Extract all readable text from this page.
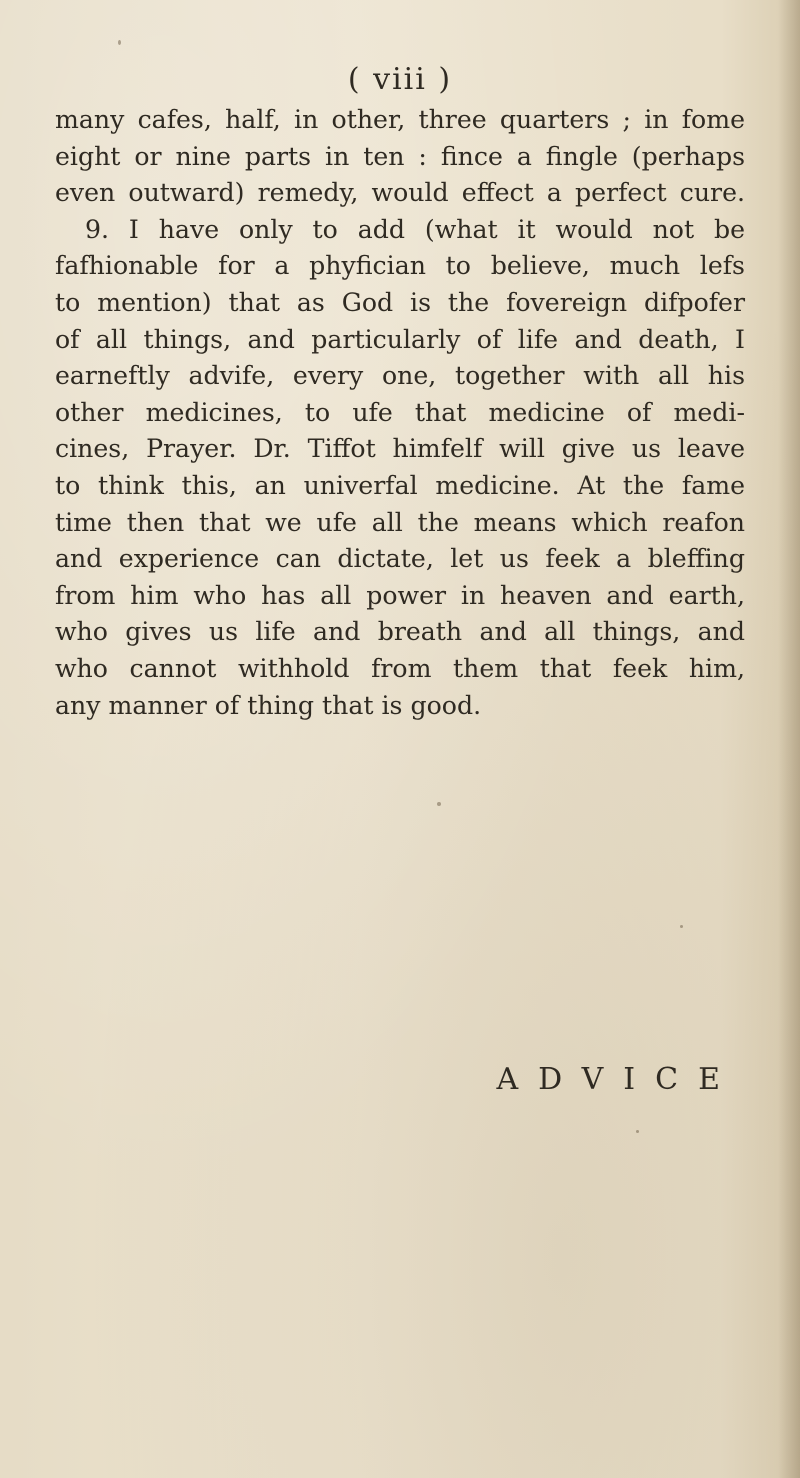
( viii )
many cafes, half, in other, three quarters ; in fome
eight or nine parts in ten : fince a fingle (perhaps
even outward) remedy, would effect a perfect cure.
9. I have only to add (what it would not be
fafhionable for a phyfician to believe, much lefs
to mention) that as God is the fovereign difpofer
of all things, and particularly of life and death, I
earneftly advife, every one, together with all his
other medicines, to ufe that medicine of medi-
cines, Prayer. Dr. Tiffot himfelf will give us leave
to think this, an univerfal medicine. At the fame
time then that we ufe all the means which reafon
and experience can dictate, let us feek a bleffing
from him who has all power in heaven and earth,
who gives us life and breath and all things, and
who cannot withhold from them that feek him,
any manner of thing that is good.
ADVICE
